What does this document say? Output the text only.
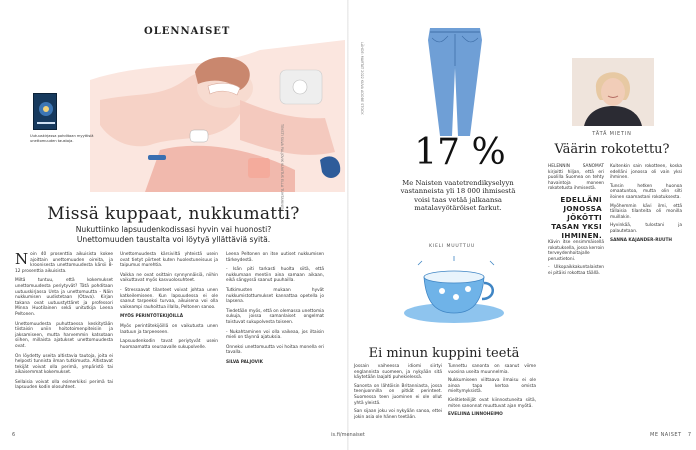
OLENNAISET
Uutuuskirjassa pohditaan myyttisiä unettomuuden taustoja.	TEKSTI SILVA PALJOVIK KUVITUS ELLA TUHTAMINEN
Missä kuppaat, nukkumatti?
Nukuttiinko lapsuudenkodissasi hyvin vai huonosti?
Unettomuuden taustalta voi löytyä yllättäviä syitä.

Noin 40 prosenttia aikuisista kokee ajoittain unettomuuden oireita, ja kroonisesta unettomuudesta kärsii 8-12 prosenttia aikuisista.

Miltä tuntuu, että kokemukset unettomuudesta periytyvät? Tätä pohditaan uutuuskirjassa Unta ja unettomuutta - Näin nukkumisen uudistetaan (Otava). Kirjan takana ovat uutuustyttäret ja professori Minna Huotilainen sekä unitutkija Leena Peltonen.

Unettomuudesta puhuttaessa keskitytään tiistaisin uniin hoitotoimenpiteisiin ja jaksamiseen, mutta harvemmin katsotaan siihen, millaista ajatukset unettomuudesta ovat.

On löydetty useita altistavia tautoja, joita ei helposti tunnista ilman tutkimusta. Altistavat tekijät voivat olla perimä, ympäristö tai aikaisemmat kokemukset.

Sellaisia voivat olla esimerkiksi perimä tai lapsuuden kodin olosuhteet.

Unettomuudesta kärsiviltä yhteistä usein ovat tietyt piirteet kuten huolestuneisuus ja taipumus murehtia.

Vaikka ne ovat osittain synnynnäisiä, niihin vaikuttavat myös kasvuolosuhteet.

- Stressaavat tilanteet voivat johtaa unen katkeilemiseen. Kun lapsuudessa ei ole saanut tarpeeksi turvaa, aikuisena voi olla vaikeampi rauhoittua illalla, Peltonen sanoo.

MYÖS PERINTÖTEKIJÖILLÄ

Myös perintötekijöillä on vaikutusta unen laatuun ja tarpeeseen.

Lapsuudenkodin tavat periytyvät usein huomaamatta seuraavalle sukupolvelle.

Leena Peltonen on itse uutiset nukkumisen tärkeydestä.

- Isän piti tarkasti huolta siitä, että nukkumaan mentiin aina samaan aikaan, eikä sängyssä saanut puuhailla.

Tutkimusten mukaan hyvät nukkumistottumukset kannattaa opetella jo lapsena.

Tiedetään myös, että on olemassa unettomia sukuja, joissa samanlaiset ongelmat toistuvat sukupolvesta toiseen.

- Nukahtaminen voi olla vaikeaa, jos iltaisin mieli on täynnä ajatuksia.

Onneksi unettomuutta voi hoitaa monella eri tavalla.

SILVA PALJOVIK

6	is.fi/menaiset
LÄHDE: MARTAT 2022 KUVA ADOBE STOCK
17 %
Me Naisten vaatetrendikyselyyn vastanneista yli 18 000 ihmisestä voisi taas vetää jalkaansa matalavyötäröiset farkut.
KIELI MUUTTUU
Ei minun kuppini teetä

Jossain vaiheessa idiomi siirtyi englannista suomeen, ja nykyään sitä käytetään laajalti puhekielessä.

Sanonta on lähtöisin Britanniasta, jossa teenjuonnilla on pitkät perinteet. Suomessa teen juominen ei ole ollut yhtä yleistä.

San sijaan joku voi nykyään sanoa, ettei jokin asia ole hänen teetään.

Tunnettu sanonta on saanut viime vuosina useita muunnelmia.

Nukkumiseen viittaava ilmaisu ei ole ainoa tapa kertoa omista mieltymyksistä.

Kielitieteilijät ovat kiinnostuneita siitä, miten sanonnat muuttuvat ajan myötä.

EVELIINA LINNOHEIMO

TÄTÄ MIETIN
Väärin rokotettu?

HELENNIN SANOMAT kirjoitti hiljan, että eri puolilla Suomea on tehty havaintoja moneen rokotetusta ihmisestä.

EDELLÄNI JONOSSA JÖKÖTTI TASAN YKSI IHMINEN.

Kävin itse ensimmäisellä rokotuksella, jossa kerroin terveydenhoitajalle perustietoni.

- Ulkopaikkakuntalaisten ei pitäisi rokottaa täällä.

Kuitenkin sain rokotteen, koska edelläni jonossa oli vain yksi ihminen.

Tunsin hetken huonoa omaatuntoa, mutta olin silti iloinen saamastani rokotuksesta.

Myöhemmin kävi ilmi, että tällaisia tilanteita oli monilla muillakin.

Hyvinkää, tulostani ja palautetaan.

SANNA KAJANDER-RUUTH

ME NAISET 7
